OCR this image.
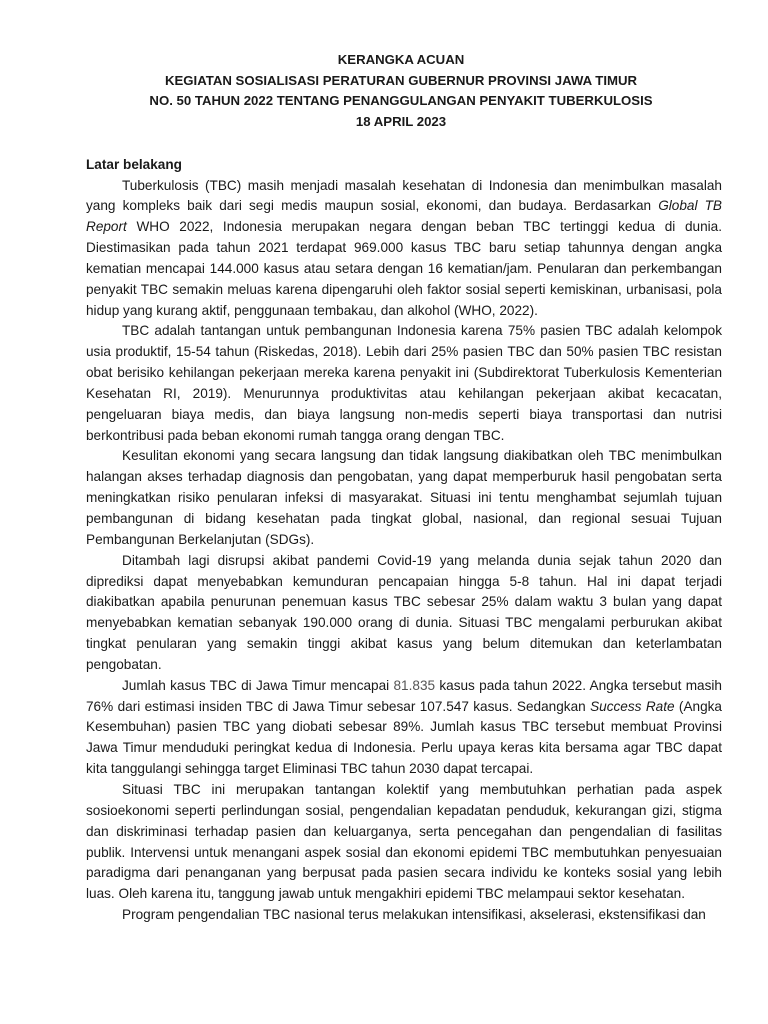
KERANGKA ACUAN
KEGIATAN SOSIALISASI PERATURAN GUBERNUR PROVINSI JAWA TIMUR
NO. 50 TAHUN 2022 TENTANG PENANGGULANGAN PENYAKIT TUBERKULOSIS
18 APRIL 2023
Latar belakang

Tuberkulosis (TBC) masih menjadi masalah kesehatan di Indonesia dan menimbulkan masalah yang kompleks baik dari segi medis maupun sosial, ekonomi, dan budaya. Berdasarkan Global TB Report WHO 2022, Indonesia merupakan negara dengan beban TBC tertinggi kedua di dunia. Diestimasikan pada tahun 2021 terdapat 969.000 kasus TBC baru setiap tahunnya dengan angka kematian mencapai 144.000 kasus atau setara dengan 16 kematian/jam. Penularan dan perkembangan penyakit TBC semakin meluas karena dipengaruhi oleh faktor sosial seperti kemiskinan, urbanisasi, pola hidup yang kurang aktif, penggunaan tembakau, dan alkohol (WHO, 2022).

TBC adalah tantangan untuk pembangunan Indonesia karena 75% pasien TBC adalah kelompok usia produktif, 15-54 tahun (Riskedas, 2018). Lebih dari 25% pasien TBC dan 50% pasien TBC resistan obat berisiko kehilangan pekerjaan mereka karena penyakit ini (Subdirektorat Tuberkulosis Kementerian Kesehatan RI, 2019). Menurunnya produktivitas atau kehilangan pekerjaan akibat kecacatan, pengeluaran biaya medis, dan biaya langsung non-medis seperti biaya transportasi dan nutrisi berkontribusi pada beban ekonomi rumah tangga orang dengan TBC.

Kesulitan ekonomi yang secara langsung dan tidak langsung diakibatkan oleh TBC menimbulkan halangan akses terhadap diagnosis dan pengobatan, yang dapat memperburuk hasil pengobatan serta meningkatkan risiko penularan infeksi di masyarakat. Situasi ini tentu menghambat sejumlah tujuan pembangunan di bidang kesehatan pada tingkat global, nasional, dan regional sesuai Tujuan Pembangunan Berkelanjutan (SDGs).

Ditambah lagi disrupsi akibat pandemi Covid-19 yang melanda dunia sejak tahun 2020 dan diprediksi dapat menyebabkan kemunduran pencapaian hingga 5-8 tahun. Hal ini dapat terjadi diakibatkan apabila penurunan penemuan kasus TBC sebesar 25% dalam waktu 3 bulan yang dapat menyebabkan kematian sebanyak 190.000 orang di dunia. Situasi TBC mengalami perburukan akibat tingkat penularan yang semakin tinggi akibat kasus yang belum ditemukan dan keterlambatan pengobatan.

Jumlah kasus TBC di Jawa Timur mencapai 81.835 kasus pada tahun 2022. Angka tersebut masih 76% dari estimasi insiden TBC di Jawa Timur sebesar 107.547 kasus. Sedangkan Success Rate (Angka Kesembuhan) pasien TBC yang diobati sebesar 89%. Jumlah kasus TBC tersebut membuat Provinsi Jawa Timur menduduki peringkat kedua di Indonesia. Perlu upaya keras kita bersama agar TBC dapat kita tanggulangi sehingga target Eliminasi TBC tahun 2030 dapat tercapai.

Situasi TBC ini merupakan tantangan kolektif yang membutuhkan perhatian pada aspek sosioekonomi seperti perlindungan sosial, pengendalian kepadatan penduduk, kekurangan gizi, stigma dan diskriminasi terhadap pasien dan keluarganya, serta pencegahan dan pengendalian di fasilitas publik. Intervensi untuk menangani aspek sosial dan ekonomi epidemi TBC membutuhkan penyesuaian paradigma dari penanganan yang berpusat pada pasien secara individu ke konteks sosial yang lebih luas. Oleh karena itu, tanggung jawab untuk mengakhiri epidemi TBC melampaui sektor kesehatan.

Program pengendalian TBC nasional terus melakukan intensifikasi, akselerasi, ekstensifikasi dan
